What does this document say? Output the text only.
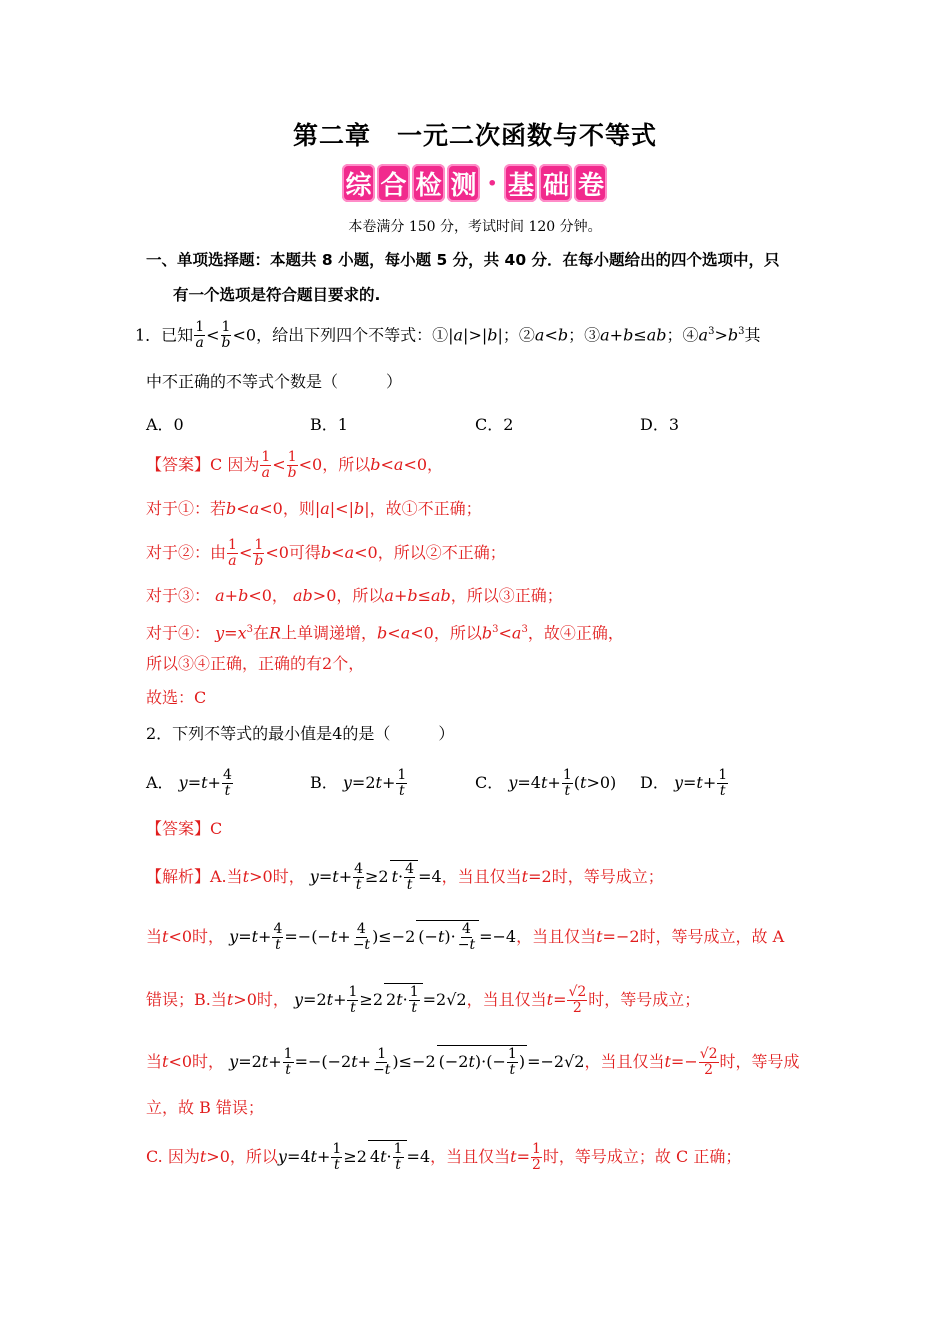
第二章　一元二次函数与不等式
综 合 检 测 · 基 础 卷
本卷满分 150 分，考试时间 120 分钟。
一、单项选择题：本题共 8 小题，每小题 5 分，共 40 分．在每小题给出的四个选项中，只
有一个选项是符合题目要求的.
1．已知 $\frac{1}{a} < \frac{1}{b} <0$，给出下列四个不等式：①|a|>|b|；②a<b；③a+b≤ab；$④a^3>b^3$其
中不正确的不等式个数是（　　　）
A．0	B．1	C．2	D．3
【答案】C 因为 $\frac{1}{a} < \frac{1}{b} <0$，所以b<a<0，
对于①：若b<a<0，则|a|<|b|，故①不正确；
对于②：由 $\frac{1}{a} < \frac{1}{b} <0$可得b<a<0，所以②不正确；
对于③： a+b<0， ab>0，所以a+b≤ab，所以③正确；
对于④： $y=x^3$在R上单调递增，b<a<0，所以$b^3<a^3$，故④正确，
所以③④正确，正确的有2个，
故选：C
2．下列不等式的最小值是4的是（　　　）
A． $y=t+ \frac{4}{t}$	B． $y=2t+ \frac{1}{t}$	C． $y=4t+ \frac{1}{t} (t>0)$ D． $y=t+ \frac{1}{t}$
【答案】C
【解析】A.当t>0时， $y=t+ \frac{4}{t} \ge 2$ $t\cdot \frac{4}{t} =4$，当且仅当t=2时，等号成立；
当t<0时， $y=t+ \frac{4}{t} =-(-t+ \frac{4}{-t} )\le-2$ $(-t)\cdot \frac{4}{-t} =-4$，当且仅当t=−2时，等号成立，故 A
错误；B.当t>0时， $y=2t+ \frac{1}{t} \ge 2$ $2t\cdot \frac{1}{t} =2√2$，当且仅当$t= \frac{√2}{2}$ 时，等号成立；
当t<0时， $y=2t+ \frac{1}{t} =-(-2t+ \frac{1}{-t} )\le-2$ $(-2t)\cdot(- \frac{1}{t}$ ) =−2√2，当且仅当$t=- \frac{√2}{2}$ 时，等号成
立，故 B 错误；
C. 因为t>0，所以$y=4t+ \frac{1}{t} \ge 2$ $4t\cdot \frac{1}{t} =4$，当且仅当$t= \frac{1}{2}$ 时，等号成立；故 C 正确；
